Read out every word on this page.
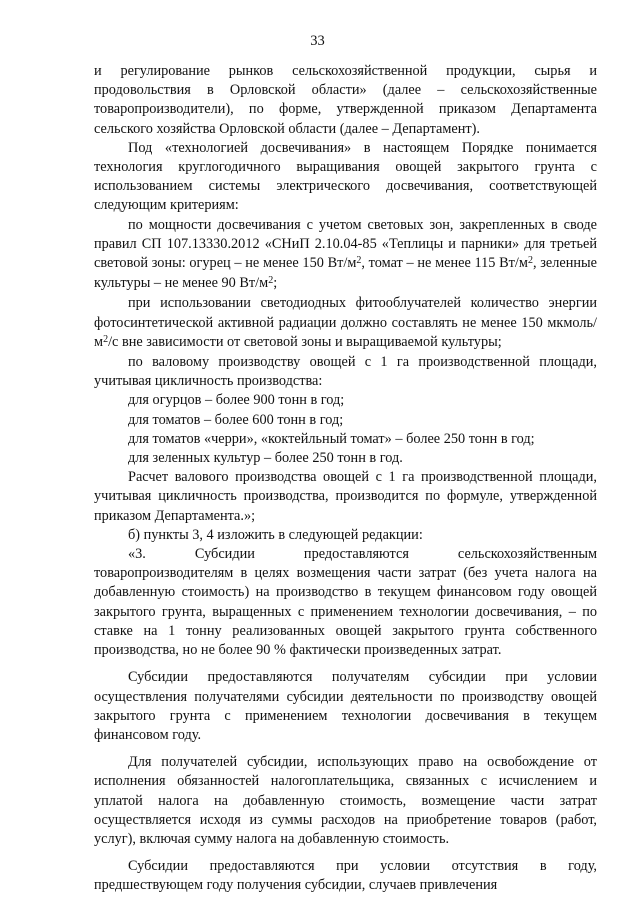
33

и регулирование рынков сельскохозяйственной продукции, сырья и продовольствия в Орловской области» (далее – сельскохозяйственные товаропроизводители), по форме, утвержденной приказом Департамента сельского хозяйства Орловской области (далее – Департамент).

Под «технологией досвечивания» в настоящем Порядке понимается технология круглогодичного выращивания овощей закрытого грунта с использованием системы электрического досвечивания, соответствующей следующим критериям:

по мощности досвечивания с учетом световых зон, закрепленных в своде правил СП 107.13330.2012 «СНиП 2.10.04-85 «Теплицы и парники» для третьей световой зоны: огурец – не менее 150 $Вт/м^2$, томат – не менее 115 $Вт/м^2$, зеленные культуры – не менее 90 $Вт/м^2$;

при использовании светодиодных фитооблучателей количество энергии фотосинтетической активной радиации должно составлять не менее 150 мкмоль/$м^2/с$ вне зависимости от световой зоны и выращиваемой культуры;

по валовому производству овощей с 1 га производственной площади, учитывая цикличность производства:

для огурцов – более 900 тонн в год;

для томатов – более 600 тонн в год;

для томатов «черри», «коктейльный томат» – более 250 тонн в год;

для зеленных культур – более 250 тонн в год.

Расчет валового производства овощей с 1 га производственной площади, учитывая цикличность производства, производится по формуле, утвержденной приказом Департамента.»;

б) пункты 3, 4 изложить в следующей редакции:

«3. Субсидии предоставляются сельскохозяйственным товаропроизводителям в целях возмещения части затрат (без учета налога на добавленную стоимость) на производство в текущем финансовом году овощей закрытого грунта, выращенных с применением технологии досвечивания, – по ставке на 1 тонну реализованных овощей закрытого грунта собственного производства, но не более 90 % фактически произведенных затрат.

Субсидии предоставляются получателям субсидии при условии осуществления получателями субсидии деятельности по производству овощей закрытого грунта с применением технологии досвечивания в текущем финансовом году.

Для получателей субсидии, использующих право на освобождение от исполнения обязанностей налогоплательщика, связанных с исчислением и уплатой налога на добавленную стоимость, возмещение части затрат осуществляется исходя из суммы расходов на приобретение товаров (работ, услуг), включая сумму налога на добавленную стоимость.

Субсидии предоставляются при условии отсутствия в году, предшествующем году получения субсидии, случаев привлечения
